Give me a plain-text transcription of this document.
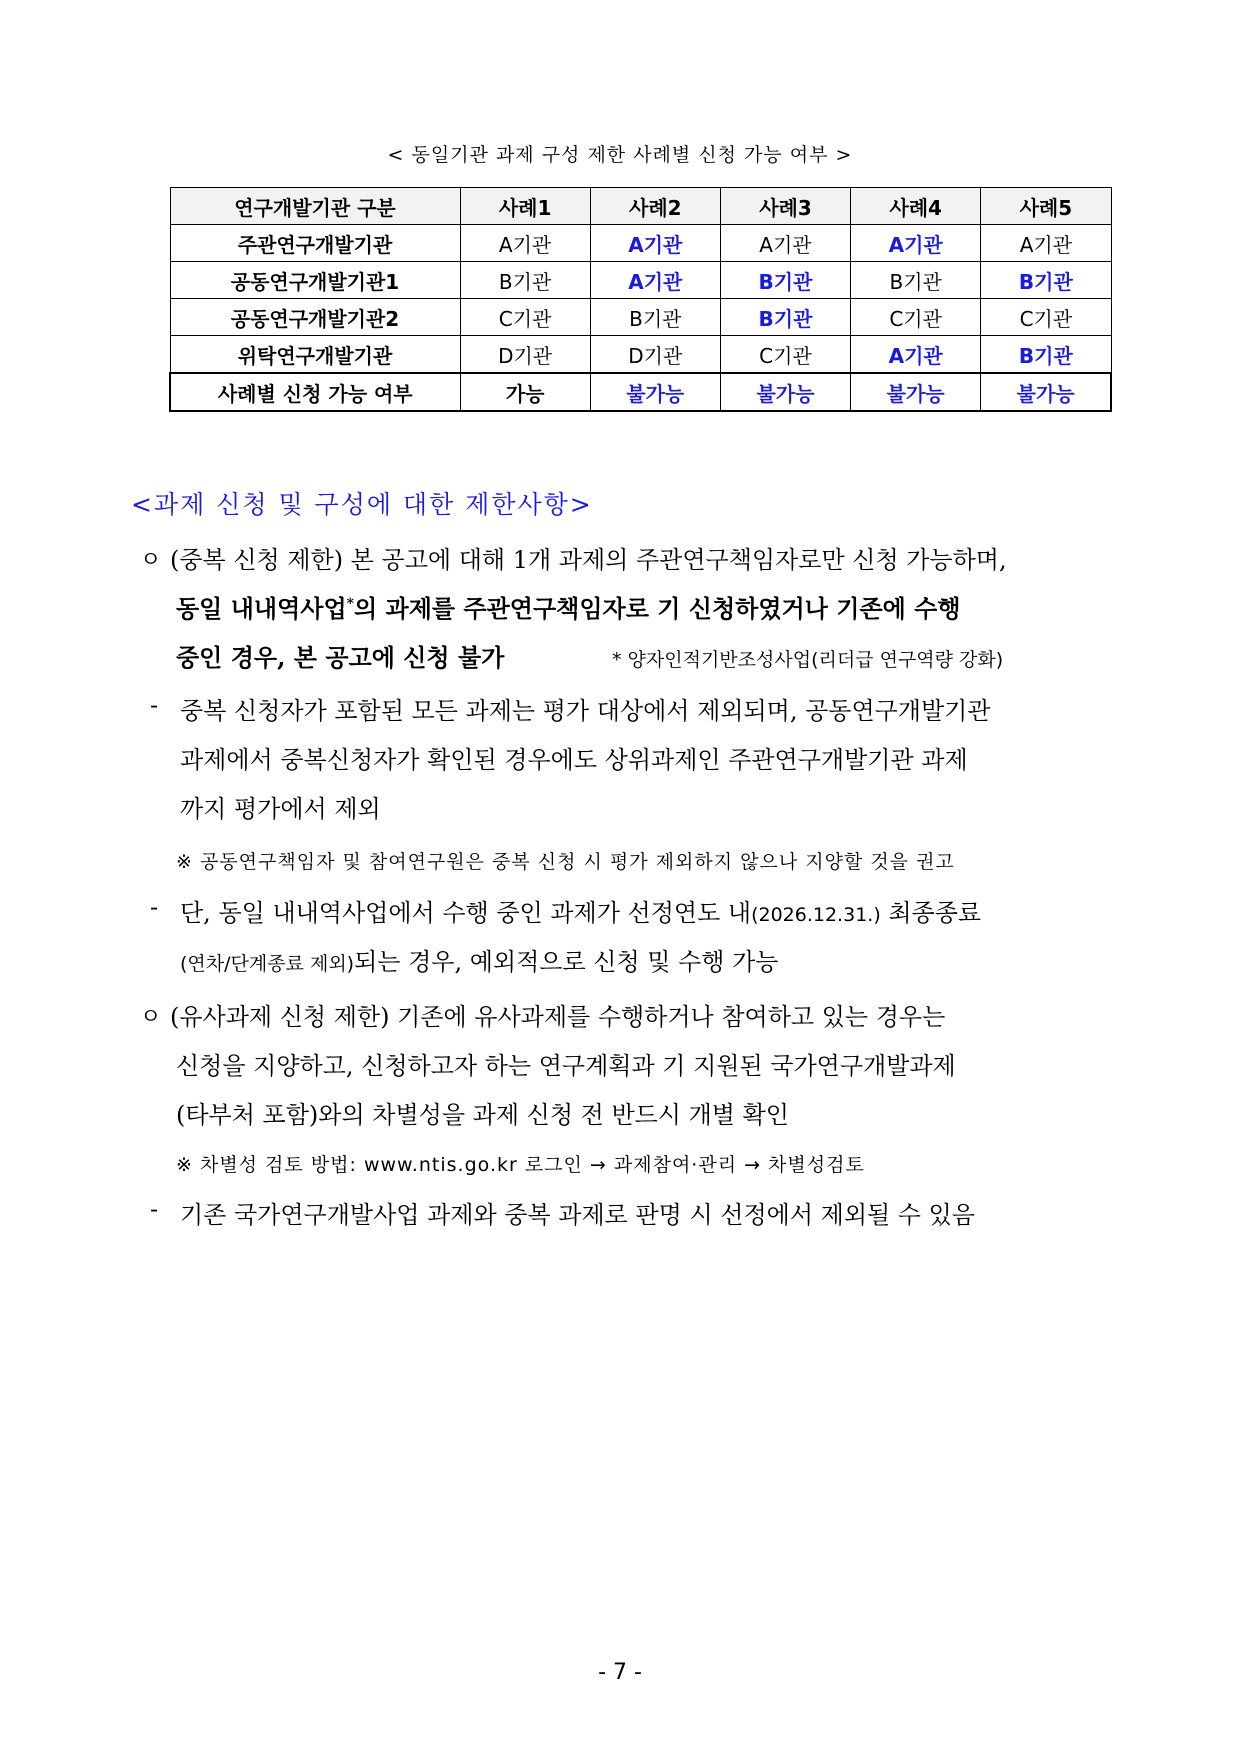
< 동일기관 과제 구성 제한 사례별 신청 가능 여부 >
연구개발기관 구분	사례1	사례2	사례3	사례4	사례5
주관연구개발기관	A기관	A기관	A기관	A기관	A기관
공동연구개발기관1	B기관	A기관	B기관	B기관	B기관
공동연구개발기관2	C기관	B기관	B기관	C기관	C기관
위탁연구개발기관	D기관	D기관	C기관	A기관	B기관
사례별 신청 가능 여부	가능	불가능	불가능	불가능	불가능
<과제 신청 및 구성에 대한 제한사항>
ㅇ (중복 신청 제한) 본 공고에 대해 1개 과제의 주관연구책임자로만 신청 가능하며,
동일 내내역사업*의 과제를 주관연구책임자로 기 신청하였거나 기존에 수행
중인 경우, 본 공고에 신청 불가	* 양자인적기반조성사업(리더급 연구역량 강화)
- 중복 신청자가 포함된 모든 과제는 평가 대상에서 제외되며, 공동연구개발기관
과제에서 중복신청자가 확인된 경우에도 상위과제인 주관연구개발기관 과제
까지 평가에서 제외
※ 공동연구책임자 및 참여연구원은 중복 신청 시 평가 제외하지 않으나 지양할 것을 권고
- 단, 동일 내내역사업에서 수행 중인 과제가 선정연도 내(2026.12.31.) 최종종료
(연차/단계종료 제외)되는 경우, 예외적으로 신청 및 수행 가능
ㅇ (유사과제 신청 제한) 기존에 유사과제를 수행하거나 참여하고 있는 경우는
신청을 지양하고, 신청하고자 하는 연구계획과 기 지원된 국가연구개발과제
(타부처 포함)와의 차별성을 과제 신청 전 반드시 개별 확인
※ 차별성 검토 방법: www.ntis.go.kr 로그인 → 과제참여·관리 → 차별성검토
- 기존 국가연구개발사업 과제와 중복 과제로 판명 시 선정에서 제외될 수 있음
- 7 -
